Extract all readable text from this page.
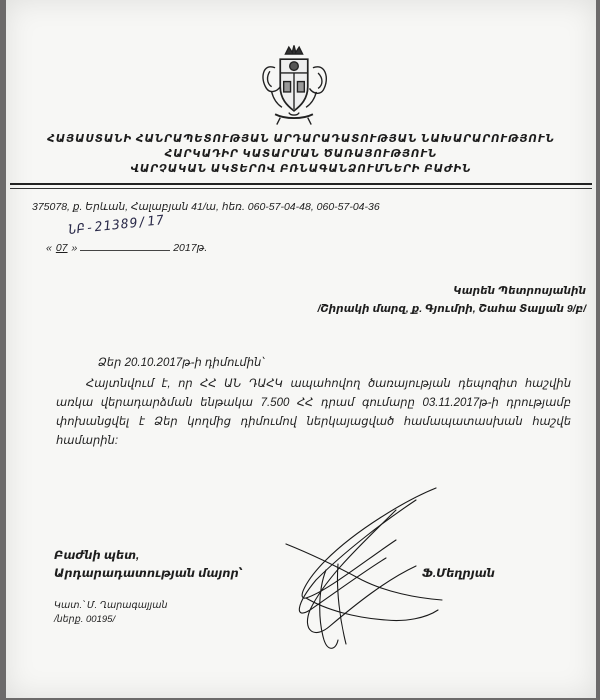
ՀԱՅԱՍՏԱՆԻ ՀԱՆՐԱՊԵՏՈՒԹՅԱՆ ԱՐԴԱՐԱԴԱՏՈՒԹՅԱՆ ՆԱԽԱՐԱՐՈՒԹՅՈՒՆ
ՀԱՐԿԱԴԻՐ ԿԱՏԱՐՄԱՆ ԾԱՌԱՅՈՒԹՅՈՒՆ
ՎԱՐՉԱԿԱՆ ԱԿՏԵՐՈՎ ԲՌՆԱԳԱՆՁՈՒՄՆԵՐԻ ԲԱԺԻՆ
375078, ք. Երևան, Հալաբյան 41/ա, հեռ. 060-57-04-48, 060-57-04-36
ՆԲ-21389/17
« 07 »	2017թ.
Կարեն Պետրոսյանին
/Շիրակի մարզ, ք. Գյումրի, Շահա Տալյան 9/բ/
Ձեր 20.10.2017թ-ի դիմումին՝
Հայտնվում է, որ ՀՀ ԱՆ ԴԱՀԿ ապահովող ծառայության դեպոզիտ հաշվին առկա վերադարձման ենթակա 7.500 ՀՀ դրամ գումարը 03.11.2017թ-ի դրությամբ փոխանցվել է Ձեր կողմից դիմումով ներկայացված համապատասխան հաշվե համարին:
Բաժնի պետ,
Արդարադատության մայոր՝	Ֆ.Մեղրյան
Կատ.՝ Մ. Ղարագայյան
/ներք. 00195/
